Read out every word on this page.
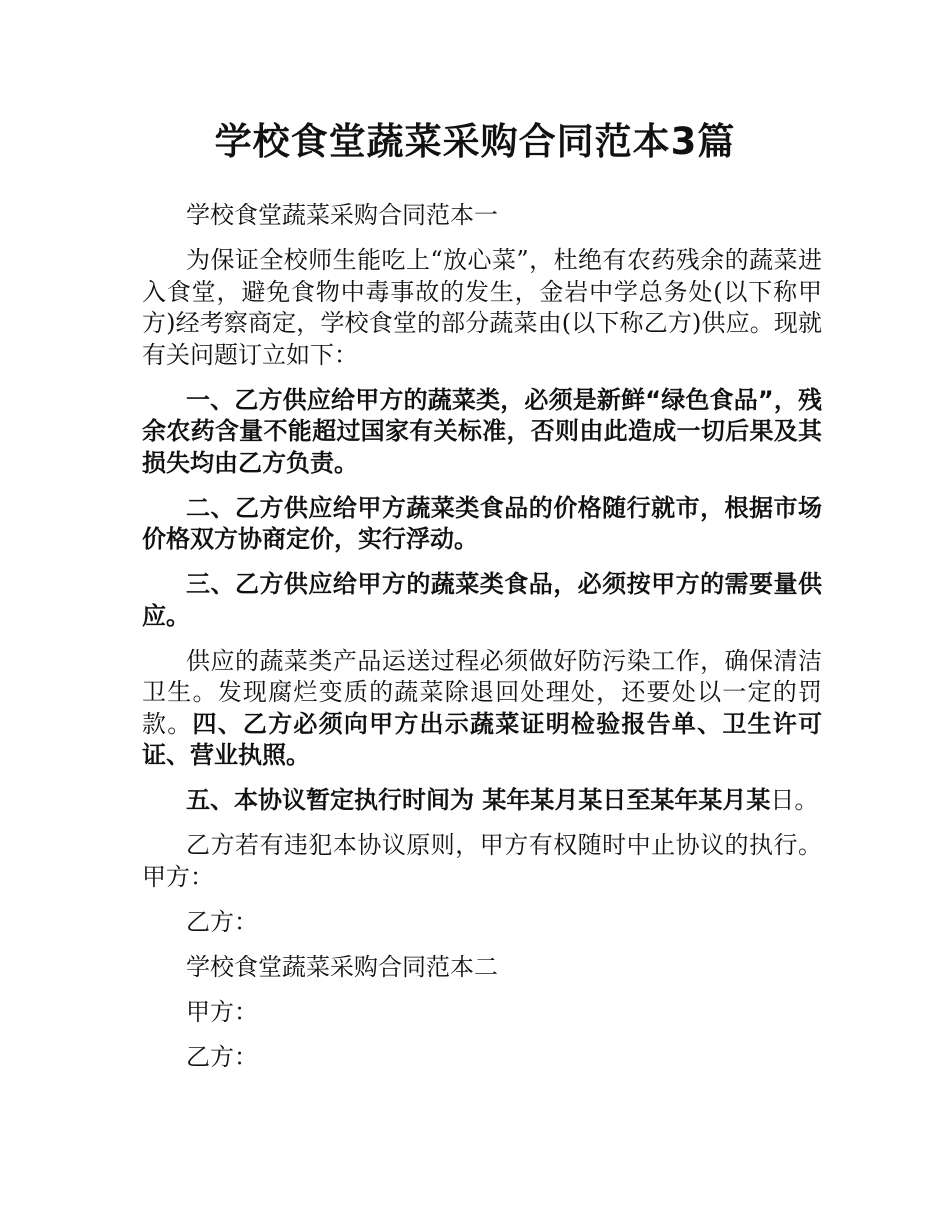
学校食堂蔬菜采购合同范本3篇

学校食堂蔬菜采购合同范本一

为保证全校师生能吃上“放心菜”，杜绝有农药残余的蔬菜进入食堂，避免食物中毒事故的发生，金岩中学总务处(以下称甲方)经考察商定，学校食堂的部分蔬菜由(以下称乙方)供应。现就有关问题订立如下：

一、乙方供应给甲方的蔬菜类，必须是新鲜“绿色食品”，残余农药含量不能超过国家有关标准，否则由此造成一切后果及其损失均由乙方负责。

二、乙方供应给甲方蔬菜类食品的价格随行就市，根据市场价格双方协商定价，实行浮动。

三、乙方供应给甲方的蔬菜类食品，必须按甲方的需要量供应。

供应的蔬菜类产品运送过程必须做好防污染工作，确保清洁卫生。发现腐烂变质的蔬菜除退回处理处，还要处以一定的罚款。四、乙方必须向甲方出示蔬菜证明检验报告单、卫生许可证、营业执照。

五、本协议暂定执行时间为 某年某月某日至某年某月某日。

乙方若有违犯本协议原则，甲方有权随时中止协议的执行。甲方：

乙方：

学校食堂蔬菜采购合同范本二

甲方：

乙方：
